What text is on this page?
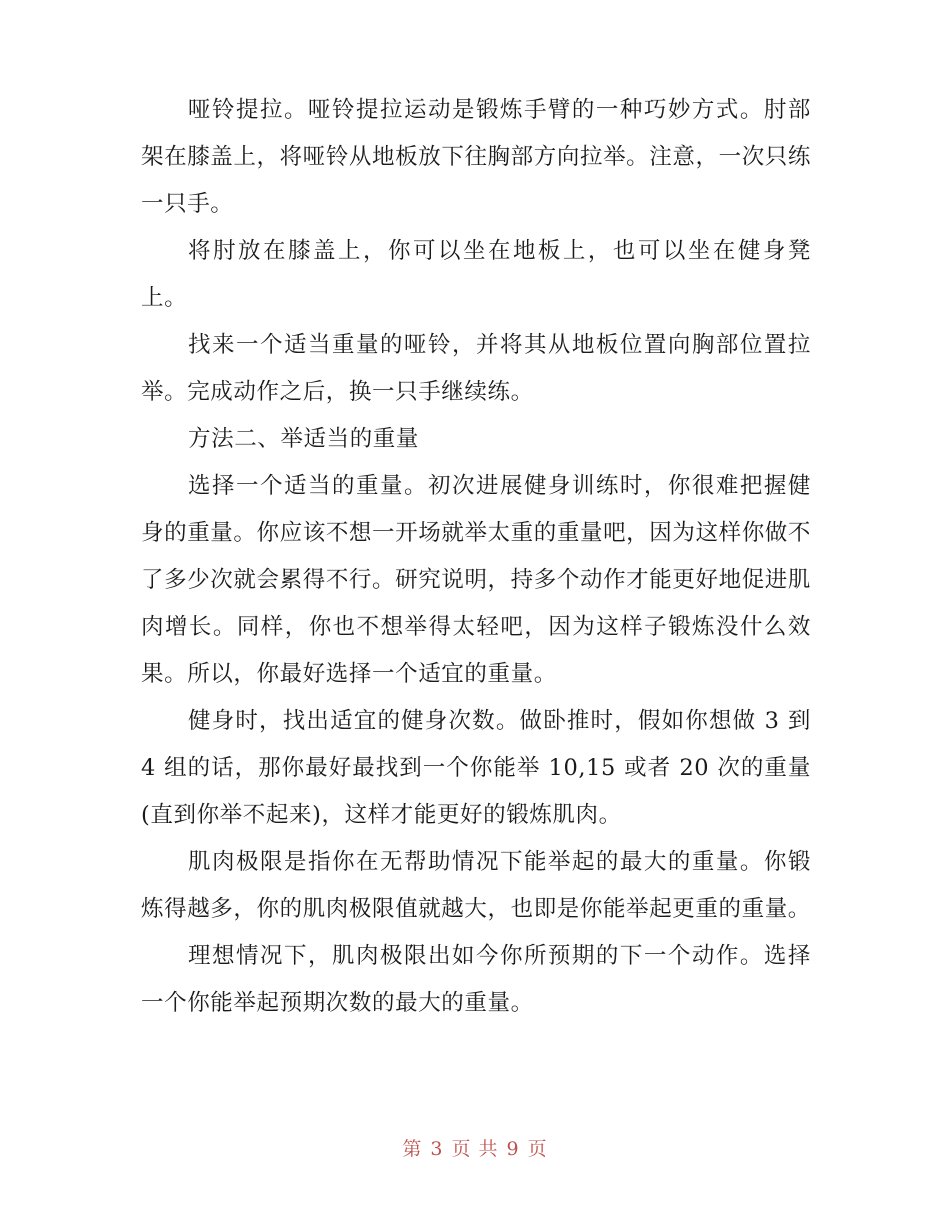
哑铃提拉。哑铃提拉运动是锻炼手臂的一种巧妙方式。肘部架在膝盖上，将哑铃从地板放下往胸部方向拉举。注意，一次只练一只手。

将肘放在膝盖上，你可以坐在地板上，也可以坐在健身凳上。

找来一个适当重量的哑铃，并将其从地板位置向胸部位置拉举。完成动作之后，换一只手继续练。

方法二、举适当的重量

选择一个适当的重量。初次进展健身训练时，你很难把握健身的重量。你应该不想一开场就举太重的重量吧，因为这样你做不了多少次就会累得不行。研究说明，持多个动作才能更好地促进肌肉增长。同样，你也不想举得太轻吧，因为这样子锻炼没什么效果。所以，你最好选择一个适宜的重量。

健身时，找出适宜的健身次数。做卧推时，假如你想做 3 到 4 组的话，那你最好最找到一个你能举 10,15 或者 20 次的重量(直到你举不起来)，这样才能更好的锻炼肌肉。

肌肉极限是指你在无帮助情况下能举起的最大的重量。你锻炼得越多，你的肌肉极限值就越大，也即是你能举起更重的重量。

理想情况下，肌肉极限出如今你所预期的下一个动作。选择一个你能举起预期次数的最大的重量。

第 3 页 共 9 页
